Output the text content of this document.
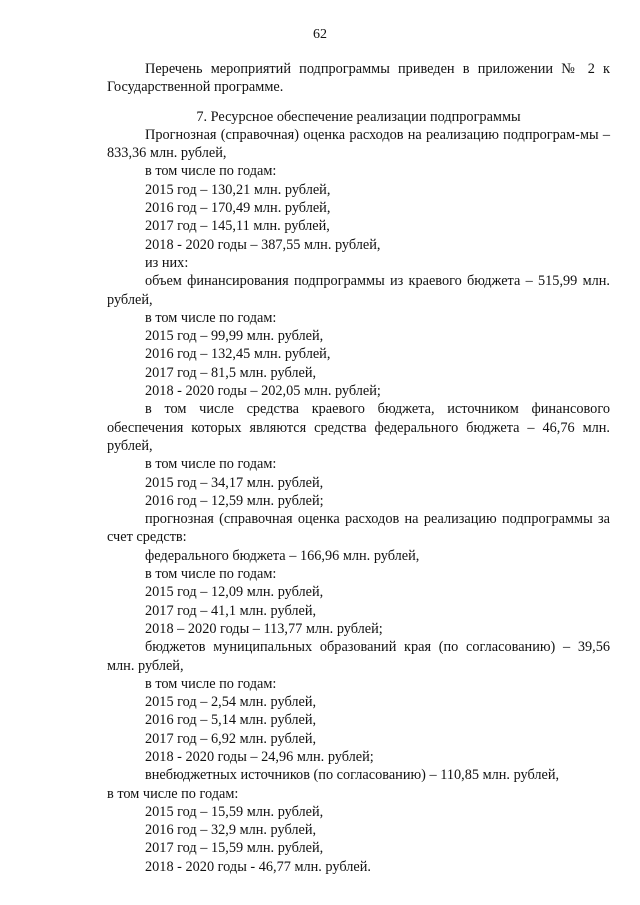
62

Перечень мероприятий подпрограммы приведен в приложении № 2 к Государственной программе.

7. Ресурсное обеспечение реализации подпрограммы

Прогнозная (справочная) оценка расходов на реализацию подпрограм-мы – 833,36 млн. рублей,

в том числе по годам:

2015 год – 130,21 млн. рублей,

2016 год – 170,49 млн. рублей,

2017 год – 145,11 млн. рублей,

2018 - 2020 годы – 387,55 млн. рублей,

из них:

объем финансирования подпрограммы из краевого бюджета – 515,99 млн. рублей,

в том числе по годам:

2015 год – 99,99 млн. рублей,

2016 год – 132,45 млн. рублей,

2017 год – 81,5 млн. рублей,

2018 - 2020 годы – 202,05 млн. рублей;

в том числе средства краевого бюджета, источником финансового обеспечения которых являются средства федерального бюджета – 46,76 млн. рублей,

в том числе по годам:

2015 год – 34,17 млн. рублей,

2016 год – 12,59 млн. рублей;

прогнозная (справочная оценка расходов на реализацию подпрограммы за счет средств:

федерального бюджета – 166,96 млн. рублей,

в том числе по годам:

2015 год – 12,09 млн. рублей,

2017 год – 41,1 млн. рублей,

2018 – 2020 годы – 113,77 млн. рублей;

бюджетов муниципальных образований края (по согласованию) – 39,56 млн. рублей,

в том числе по годам:

2015 год – 2,54 млн. рублей,

2016 год – 5,14 млн. рублей,

2017 год – 6,92 млн. рублей,

2018 - 2020 годы – 24,96 млн. рублей;

внебюджетных источников (по согласованию) – 110,85 млн. рублей,

в том числе по годам:

2015 год – 15,59 млн. рублей,

2016 год – 32,9 млн. рублей,

2017 год – 15,59 млн. рублей,

2018 - 2020 годы - 46,77 млн. рублей.
